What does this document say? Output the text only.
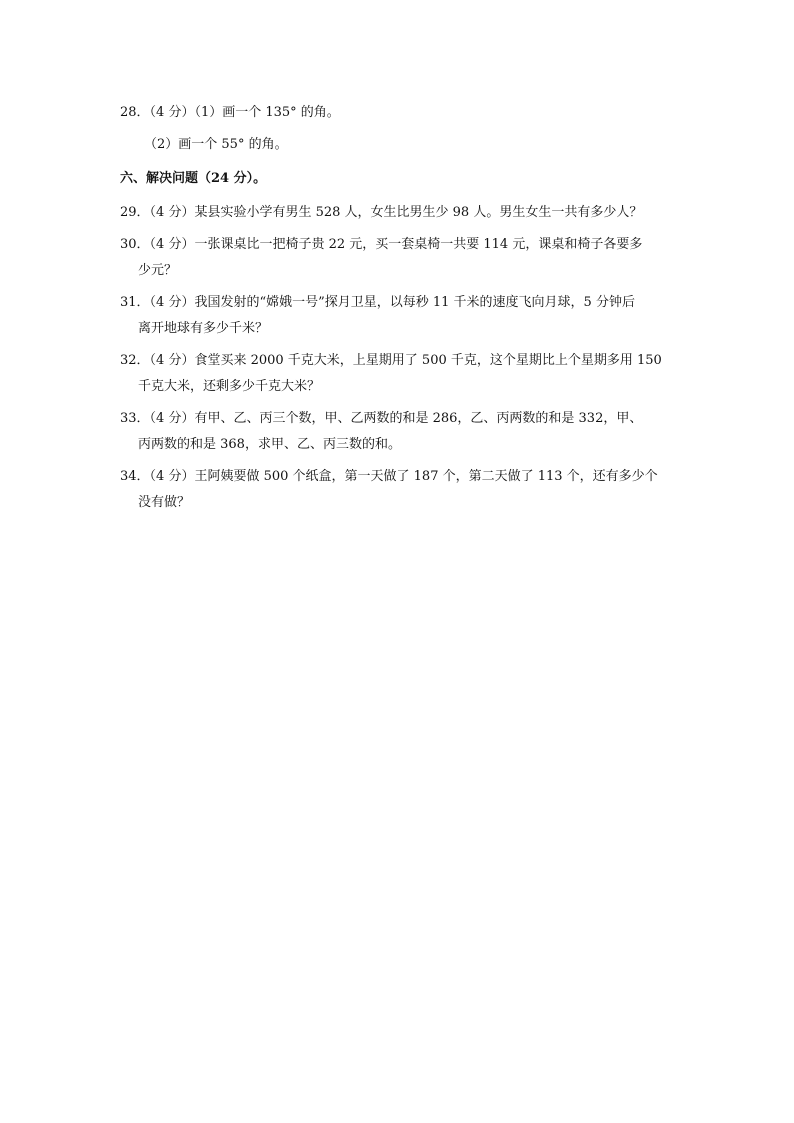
28．（4 分）（1）画一个 135° 的角。
（2）画一个 55° 的角。
六、解决问题（24 分）。
29．（4 分）某县实验小学有男生 528 人，女生比男生少 98 人。男生女生一共有多少人？
30．（4 分）一张课桌比一把椅子贵 22 元，买一套桌椅一共要 114 元，课桌和椅子各要多
少元？
31．（4 分）我国发射的“嫦娥一号”探月卫星，以每秒 11 千米的速度飞向月球，5 分钟后
离开地球有多少千米？
32．（4 分）食堂买来 2000 千克大米，上星期用了 500 千克，这个星期比上个星期多用 150
千克大米，还剩多少千克大米？
33．（4 分）有甲、乙、丙三个数，甲、乙两数的和是 286，乙、丙两数的和是 332，甲、
丙两数的和是 368，求甲、乙、丙三数的和。
34．（4 分）王阿姨要做 500 个纸盒，第一天做了 187 个，第二天做了 113 个，还有多少个
没有做？
